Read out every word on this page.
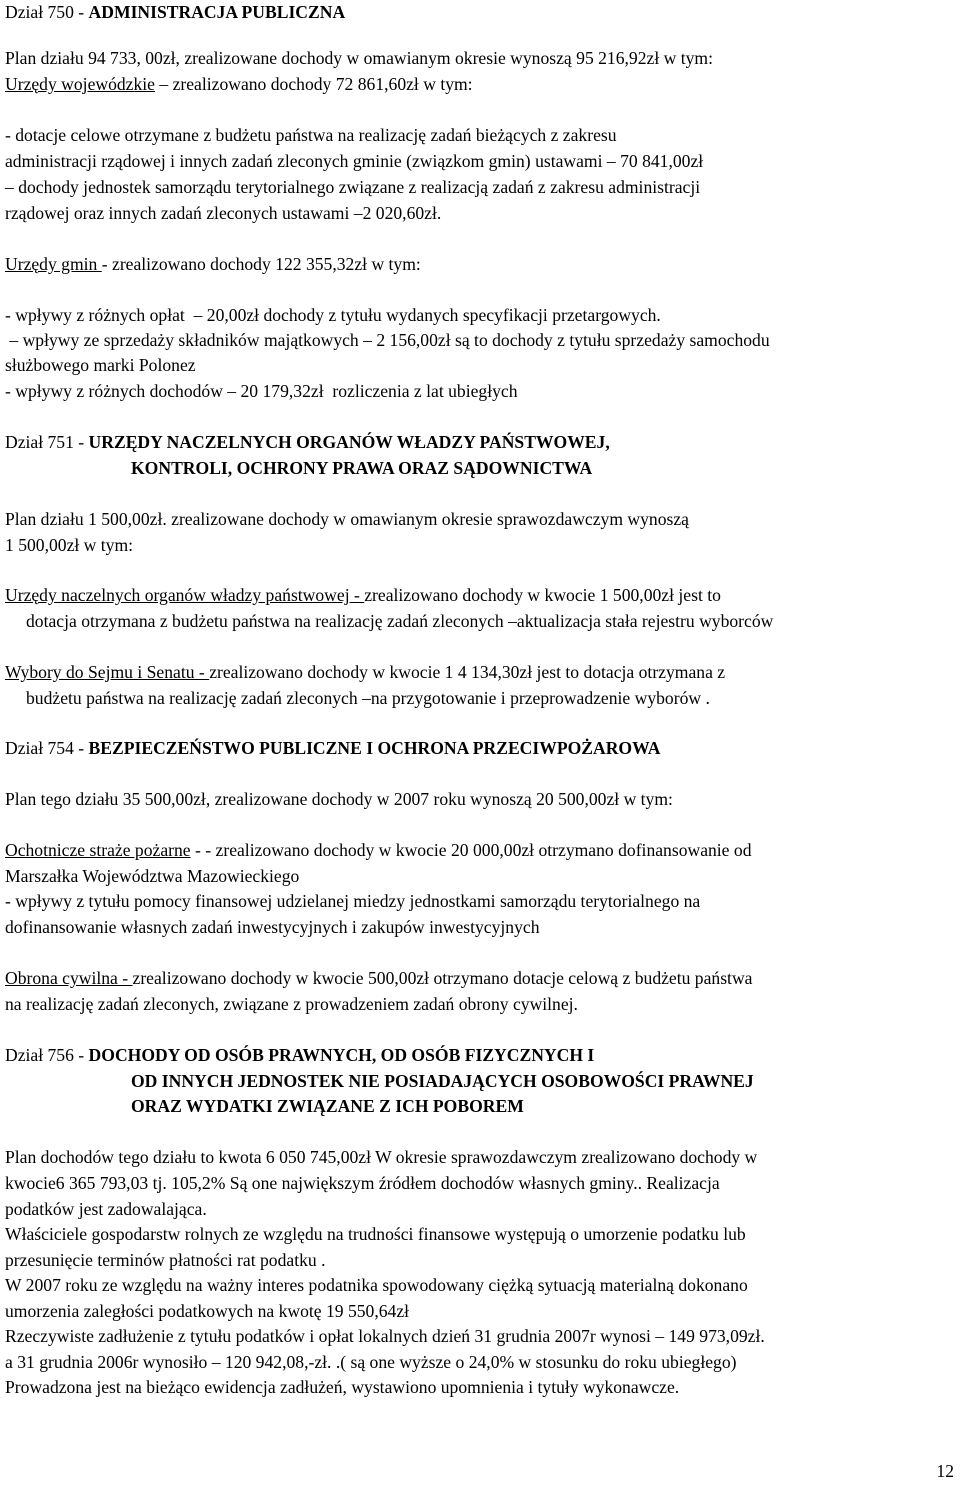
Dział 750 - ADMINISTRACJA PUBLICZNA
Plan działu 94 733, 00zł, zrealizowane dochody w omawianym okresie wynoszą 95 216,92zł w tym:
Urzędy wojewódzkie – zrealizowano dochody 72 861,60zł w tym:
- dotacje celowe otrzymane z budżetu państwa na realizację zadań bieżących z zakresu
administracji rządowej i innych zadań zleconych gminie (związkom gmin) ustawami – 70 841,00zł
– dochody jednostek samorządu terytorialnego związane z realizacją zadań z zakresu administracji
rządowej oraz innych zadań zleconych ustawami –2 020,60zł.
Urzędy gmin - zrealizowano dochody 122 355,32zł w tym:
- wpływy z różnych opłat  – 20,00zł dochody z tytułu wydanych specyfikacji przetargowych.
– wpływy ze sprzedaży składników majątkowych – 2 156,00zł są to dochody z tytułu sprzedaży samochodu
służbowego marki Polonez
- wpływy z różnych dochodów – 20 179,32zł  rozliczenia z lat ubiegłych
Dział 751 - URZĘDY NACZELNYCH ORGANÓW WŁADZY PAŃSTWOWEJ,
KONTROLI, OCHRONY PRAWA ORAZ SĄDOWNICTWA
Plan działu 1 500,00zł. zrealizowane dochody w omawianym okresie sprawozdawczym wynoszą
1 500,00zł w tym:
Urzędy naczelnych organów władzy państwowej - zrealizowano dochody w kwocie 1 500,00zł jest to
dotacja otrzymana z budżetu państwa na realizację zadań zleconych –aktualizacja stała rejestru wyborców
Wybory do Sejmu i Senatu - zrealizowano dochody w kwocie 1 4 134,30zł jest to dotacja otrzymana z
budżetu państwa na realizację zadań zleconych –na przygotowanie i przeprowadzenie wyborów .
Dział 754 - BEZPIECZEŃSTWO PUBLICZNE I OCHRONA PRZECIWPOŻAROWA
Plan tego działu 35 500,00zł, zrealizowane dochody w 2007 roku wynoszą 20 500,00zł w tym:
Ochotnicze straże pożarne - - zrealizowano dochody w kwocie 20 000,00zł otrzymano dofinansowanie od
Marszałka Województwa Mazowieckiego
- wpływy z tytułu pomocy finansowej udzielanej miedzy jednostkami samorządu terytorialnego na
dofinansowanie własnych zadań inwestycyjnych i zakupów inwestycyjnych
Obrona cywilna - zrealizowano dochody w kwocie 500,00zł otrzymano dotacje celową z budżetu państwa
na realizację zadań zleconych, związane z prowadzeniem zadań obrony cywilnej.
Dział 756 - DOCHODY OD OSÓB PRAWNYCH, OD OSÓB FIZYCZNYCH I
OD INNYCH JEDNOSTEK NIE POSIADAJĄCYCH OSOBOWOŚCI PRAWNEJ
ORAZ WYDATKI ZWIĄZANE Z ICH POBOREM
Plan dochodów tego działu to kwota 6 050 745,00zł W okresie sprawozdawczym zrealizowano dochody w
kwocie6 365 793,03 tj. 105,2% Są one największym źródłem dochodów własnych gminy.. Realizacja
podatków jest zadowalająca.
Właściciele gospodarstw rolnych ze względu na trudności finansowe występują o umorzenie podatku lub
przesunięcie terminów płatności rat podatku .
W 2007 roku ze względu na ważny interes podatnika spowodowany ciężką sytuacją materialną dokonano
umorzenia zaległości podatkowych na kwotę 19 550,64zł
Rzeczywiste zadłużenie z tytułu podatków i opłat lokalnych dzień 31 grudnia 2007r wynosi – 149 973,09zł.
a 31 grudnia 2006r wynosiło – 120 942,08,-zł. .( są one wyższe o 24,0% w stosunku do roku ubiegłego)
Prowadzona jest na bieżąco ewidencja zadłużeń, wystawiono upomnienia i tytuły wykonawcze.
12
